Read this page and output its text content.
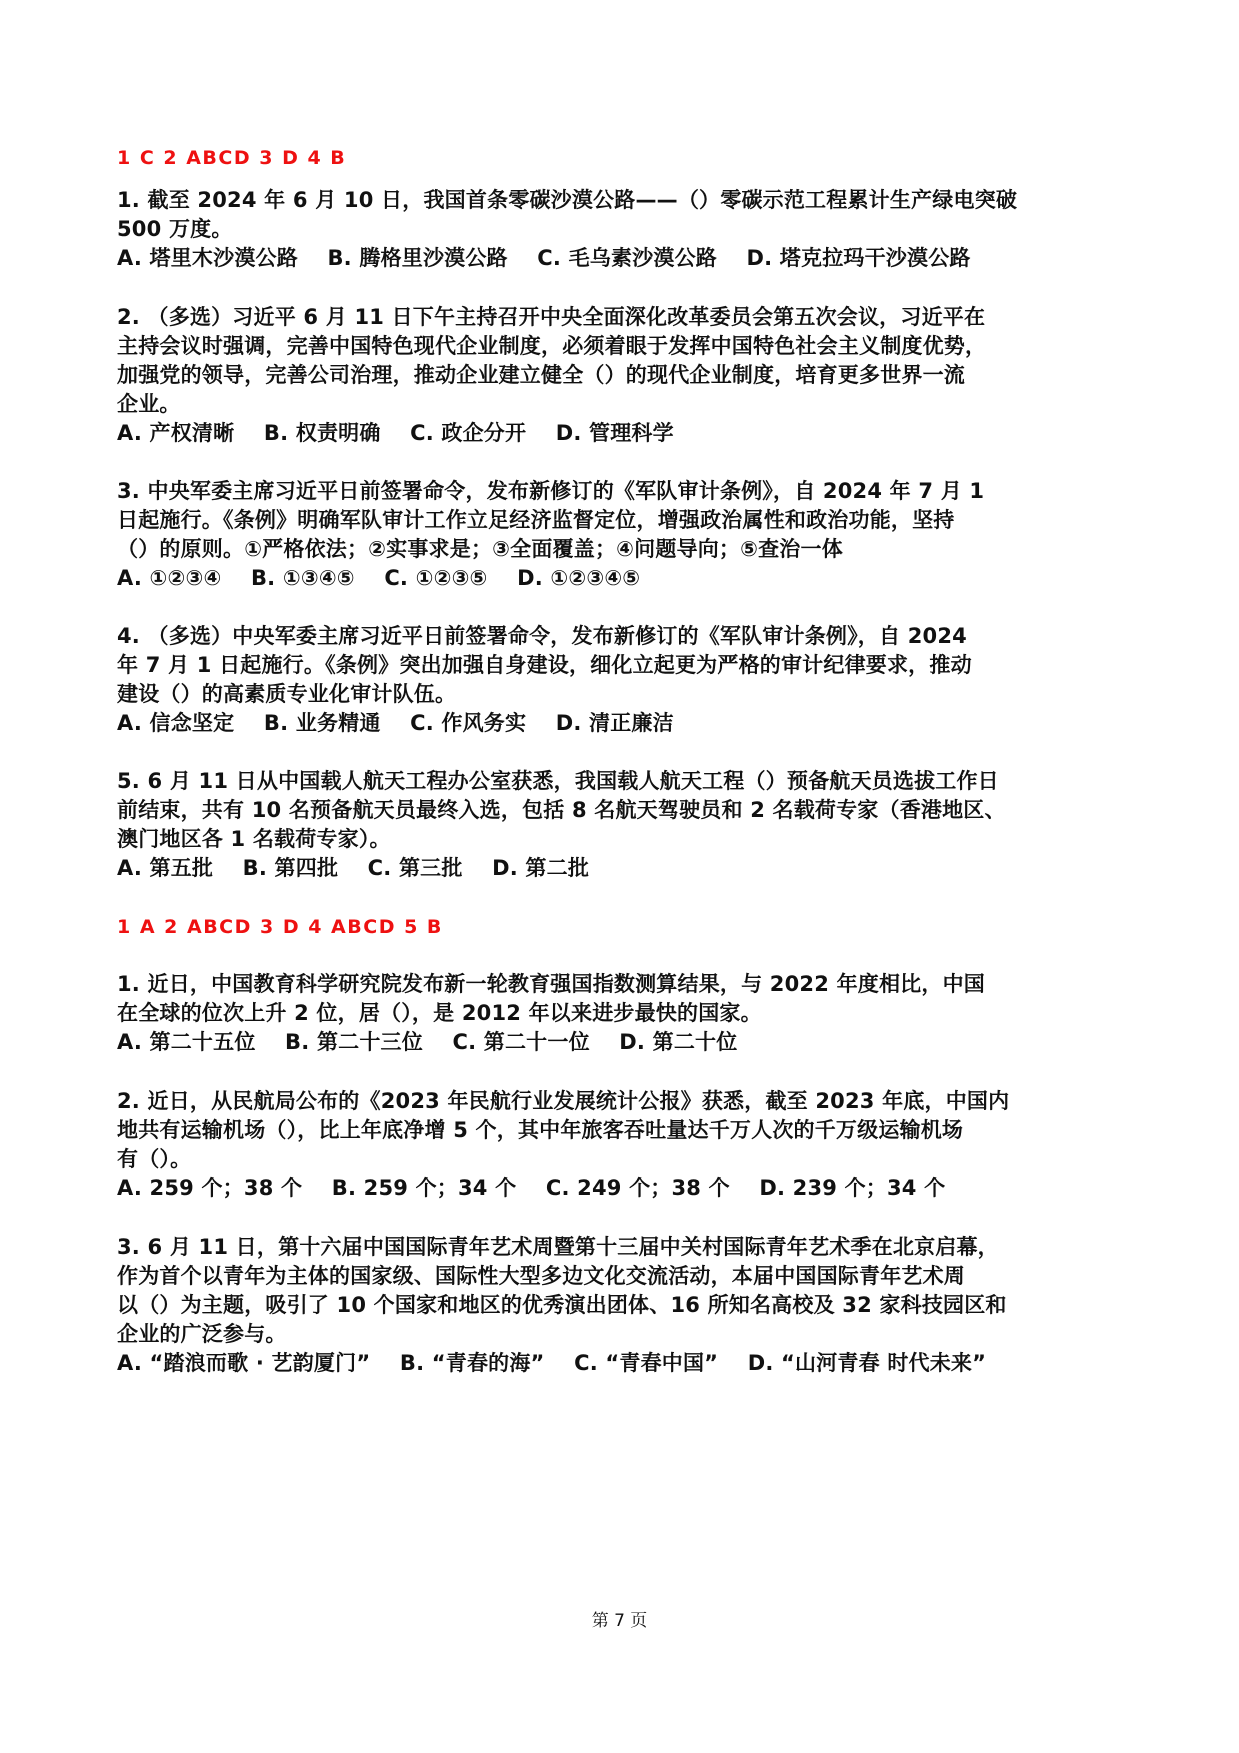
1 C 2 ABCD 3 D 4 B
1. 截至 2024 年 6 月 10 日，我国首条零碳沙漠公路——（）零碳示范工程累计生产绿电突破
500 万度。
A. 塔里木沙漠公路 B. 腾格里沙漠公路 C. 毛乌素沙漠公路 D. 塔克拉玛干沙漠公路
2. （多选）习近平 6 月 11 日下午主持召开中央全面深化改革委员会第五次会议，习近平在
主持会议时强调，完善中国特色现代企业制度，必须着眼于发挥中国特色社会主义制度优势，
加强党的领导，完善公司治理，推动企业建立健全（）的现代企业制度，培育更多世界一流
企业。
A. 产权清晰 B. 权责明确 C. 政企分开 D. 管理科学
3. 中央军委主席习近平日前签署命令，发布新修订的《军队审计条例》，自 2024 年 7 月 1
日起施行。《条例》明确军队审计工作立足经济监督定位，增强政治属性和政治功能，坚持
（）的原则。①严格依法；②实事求是；③全面覆盖；④问题导向；⑤查治一体
A. ①②③④ B. ①③④⑤ C. ①②③⑤ D. ①②③④⑤
4. （多选）中央军委主席习近平日前签署命令，发布新修订的《军队审计条例》，自 2024
年 7 月 1 日起施行。《条例》突出加强自身建设，细化立起更为严格的审计纪律要求，推动
建设（）的高素质专业化审计队伍。
A. 信念坚定 B. 业务精通 C. 作风务实 D. 清正廉洁
5. 6 月 11 日从中国载人航天工程办公室获悉，我国载人航天工程（）预备航天员选拔工作日
前结束，共有 10 名预备航天员最终入选，包括 8 名航天驾驶员和 2 名载荷专家（香港地区、
澳门地区各 1 名载荷专家）。
A. 第五批 B. 第四批 C. 第三批 D. 第二批
1 A 2 ABCD 3 D 4 ABCD 5 B
1. 近日，中国教育科学研究院发布新一轮教育强国指数测算结果，与 2022 年度相比，中国
在全球的位次上升 2 位，居（），是 2012 年以来进步最快的国家。
A. 第二十五位 B. 第二十三位 C. 第二十一位 D. 第二十位
2. 近日，从民航局公布的《2023 年民航行业发展统计公报》获悉，截至 2023 年底，中国内
地共有运输机场（），比上年底净增 5 个，其中年旅客吞吐量达千万人次的千万级运输机场
有（）。
A. 259 个；38 个 B. 259 个；34 个 C. 249 个；38 个 D. 239 个；34 个
3. 6 月 11 日，第十六届中国国际青年艺术周暨第十三届中关村国际青年艺术季在北京启幕，
作为首个以青年为主体的国家级、国际性大型多边文化交流活动，本届中国国际青年艺术周
以（）为主题，吸引了 10 个国家和地区的优秀演出团体、16 所知名高校及 32 家科技园区和
企业的广泛参与。
A. “踏浪而歌 · 艺韵厦门” B. “青春的海” C. “青春中国” D. “山河青春 时代未来”
第 7 页
